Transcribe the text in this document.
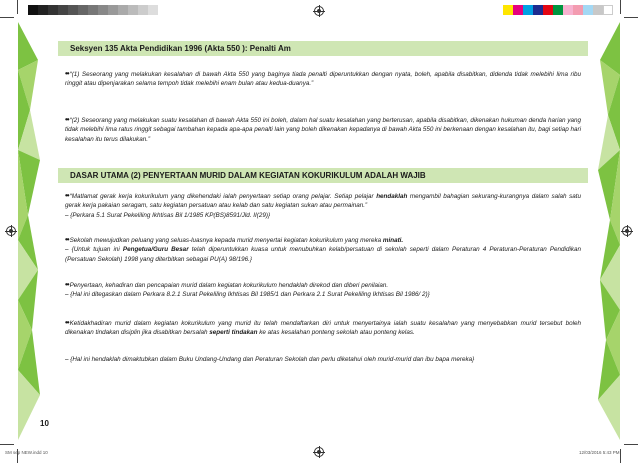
Seksyen 135 Akta Pendidikan 1996 (Akta 550 ): Penalti Am
••“(1) Seseorang yang melakukan kesalahan di bawah Akta 550 yang baginya tiada penalti diperuntukkan dengan nyata, boleh, apabila disabitkan, didenda tidak melebihi lima ribu ringgit atau dipenjarakan selama tempoh tidak melebihi enam bulan atau kedua-duanya.”
••“(2) Seseorang yang melakukan suatu kesalahan di bawah Akta 550 ini boleh, dalam hal suatu kesalahan yang berterusan, apabila disabitkan, dikenakan hukuman denda harian yang tidak melebihi lima ratus ringgit sebagai tambahan kepada apa-apa penalti lain yang boleh dikenakan kepadanya di bawah Akta 550 ini berkenaan dengan kesalahan itu, bagi setiap hari kesalahan itu terus dilakukan.”
DASAR UTAMA (2) PENYERTAAN MURID DALAM KEGIATAN KOKURIKULUM ADALAH WAJIB
••“Matlamat gerak kerja kokurikulum yang dikehendaki ialah penyertaan setiap orang pelajar. Setiap pelajar hendaklah mengambil bahagian sekurang-kurangnya dalam salah satu gerak kerja pakaian seragam, satu kegiatan persatuan atau kelab dan satu kegiatan sukan atau permainan.”
– {Perkara 5.1 Surat Pekeliling Ikhtisas Bil 1/1985 KP(BS)8591/Jld. II(29)}
••Sekolah mewujudkan peluang yang seluas-luasnya kepada murid menyertai kegiatan kokurikulum yang mereka minati.
– {Untuk tujuan ini Pengetua/Guru Besar telah diperuntukkan kuasa untuk menubuhkan kelab/persatuan di sekolah seperti dalam Peraturan 4 Peraturan-Peraturan Pendidikan (Persatuan Sekolah) 1998 yang diterbitkan sebagai PU(A) 98/196.}
••Penyertaan, kehadiran dan pencapaian murid dalam kegiatan kokurikulum hendaklah direkod dan diberi penilaian.
– {Hal ini ditegaskan dalam Perkara 8.2.1 Surat Pekeliling Ikhtisas Bil 1985/1 dan Perkara 2.1 Surat Pekeliling Ikhtisas Bil 1986/ 2)}
••Ketidakhadiran murid dalam kegiatan kokurikulum yang murid itu telah mendaftarkan diri untuk menyertainya ialah suatu kesalahan yang menyebabkan murid tersebut boleh dikenakan tindakan disiplin jika disabitkan bersalah seperti tindakan ke atas kesalahan ponteng sekolah atau ponteng kelas.
– {Hal ini hendaklah dimaktubkan dalam Buku Undang-Undang dan Peraturan Sekolah dan perlu diketahui oleh murid-murid dan ibu bapa mereka}
10
SM sep NEW.indd 10	12/03/2016 5:43 PM
